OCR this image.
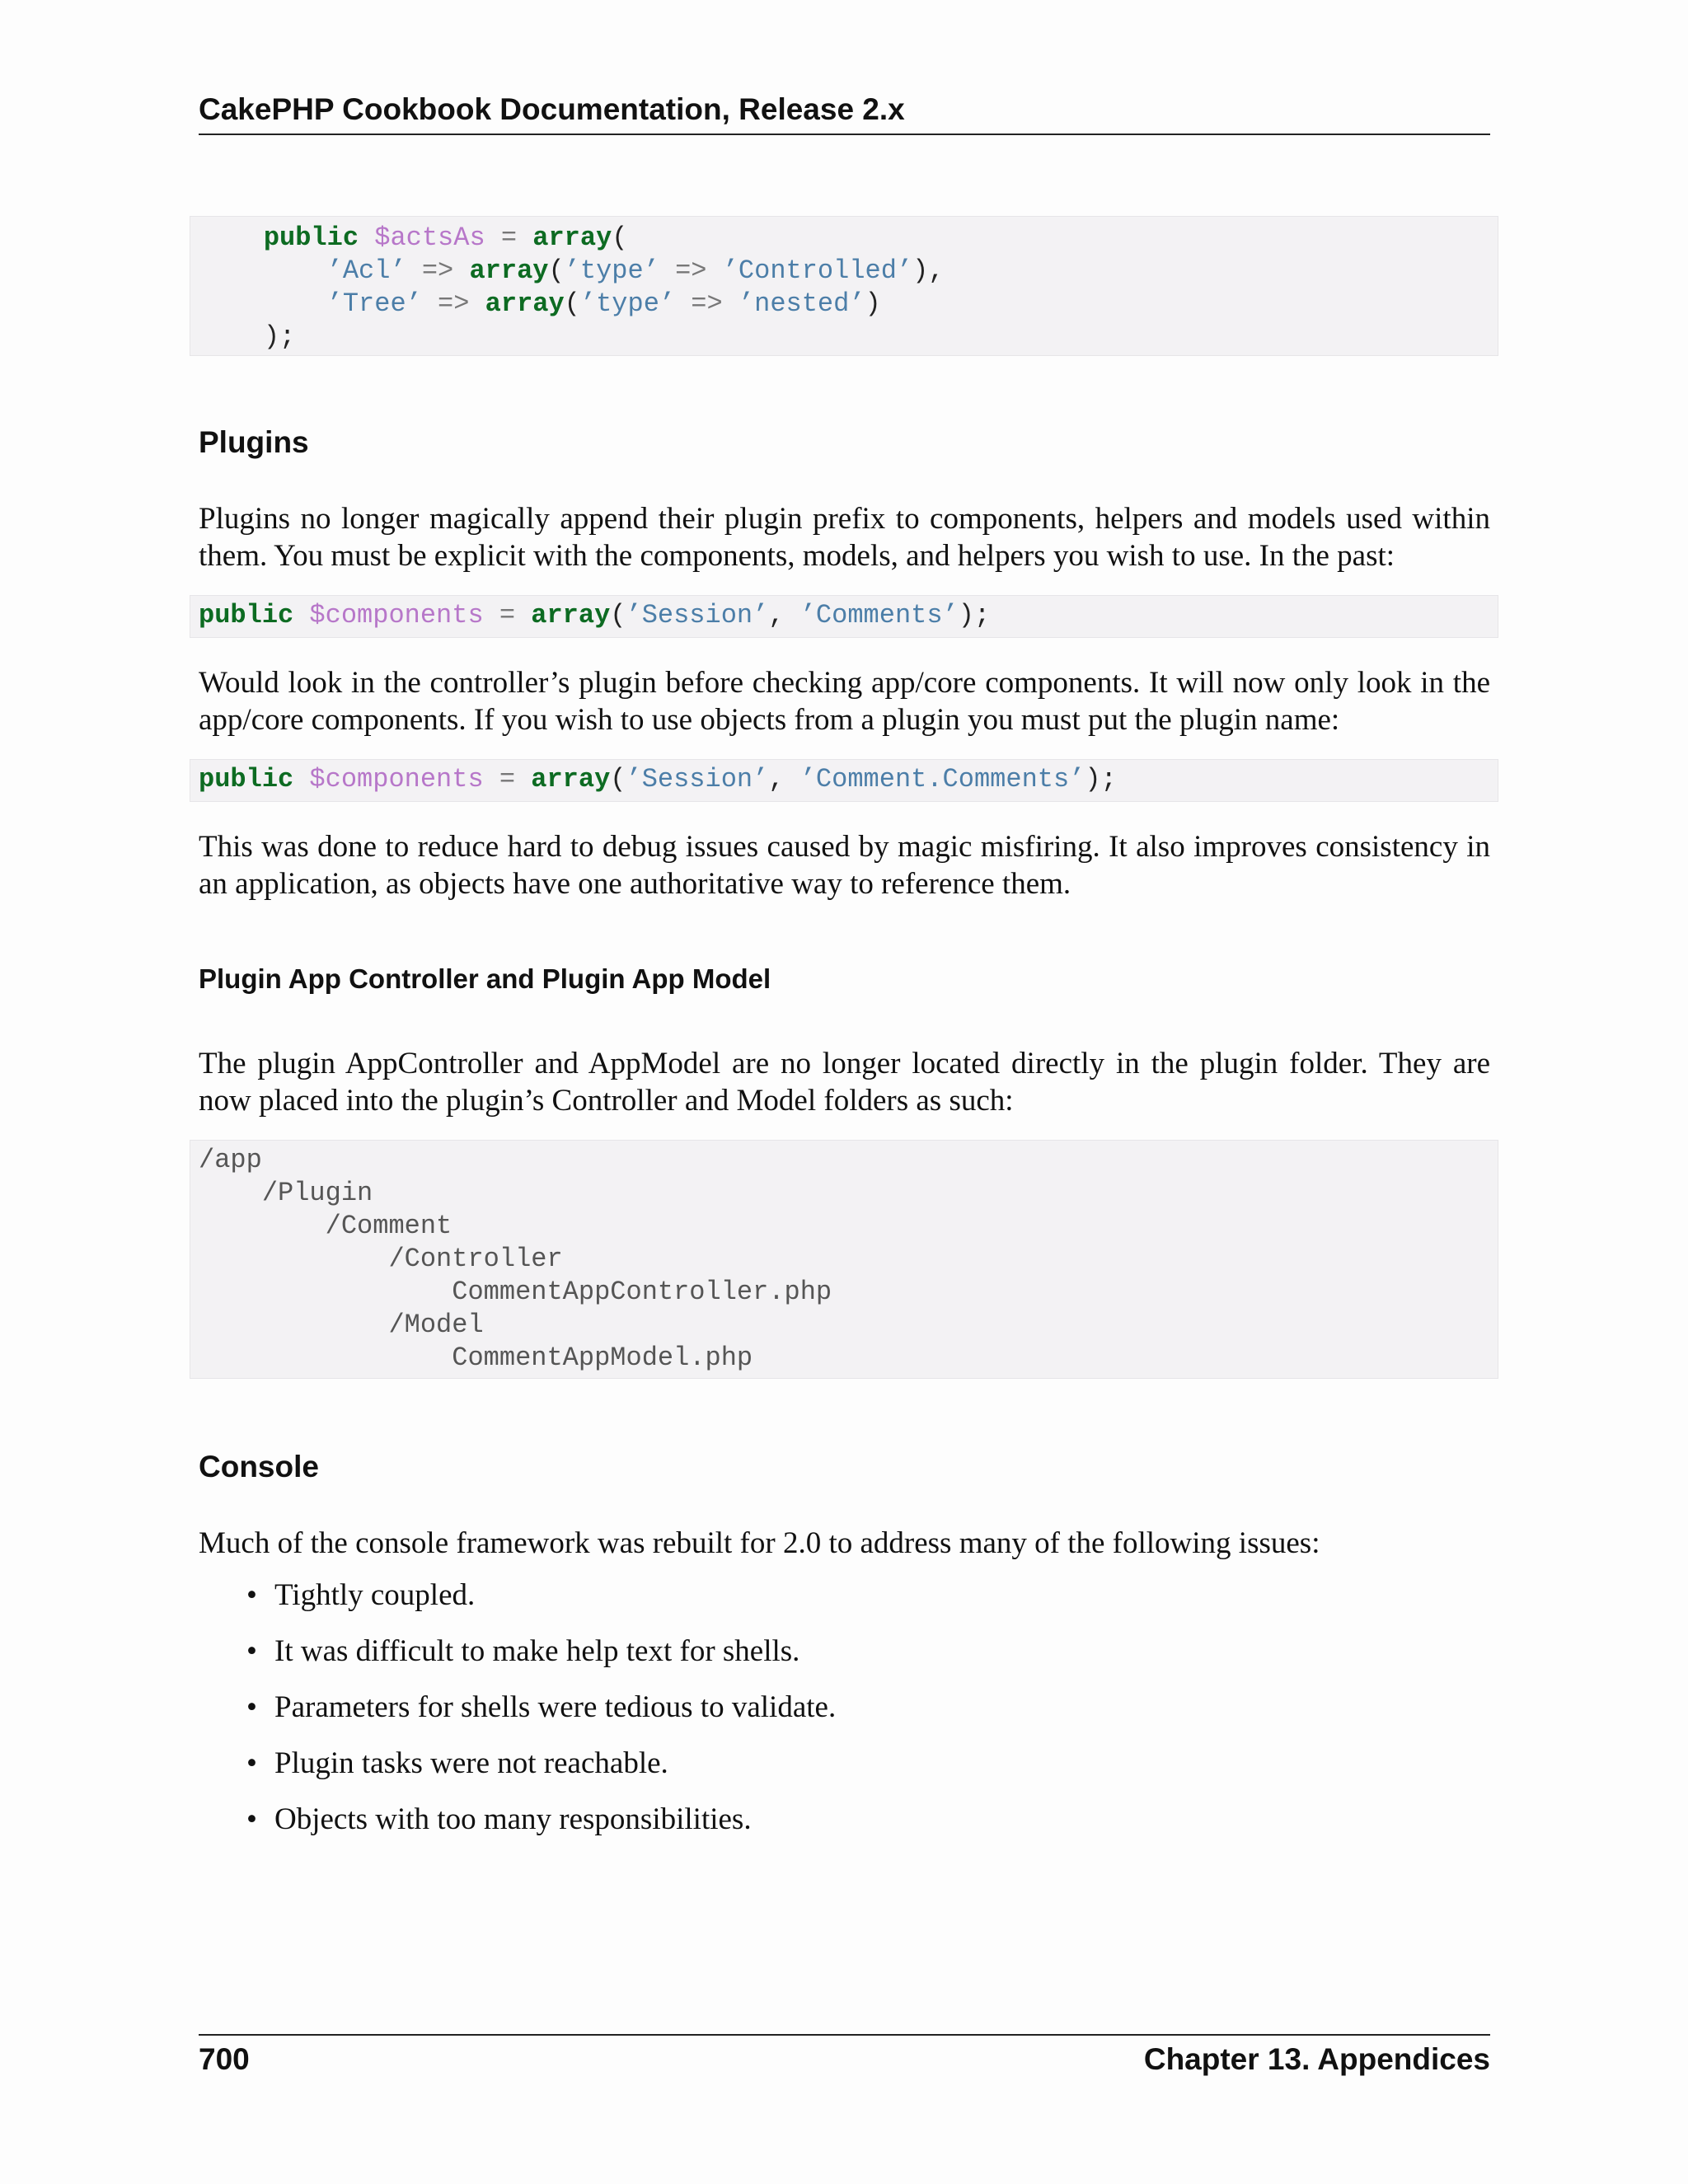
CakePHP Cookbook Documentation, Release 2.x

public $actsAs = array(
’Acl’ => array(’type’ => ’Controlled’),
’Tree’ => array(’type’ => ’nested’)
);

Plugins
Plugins no longer magically append their plugin prefix to components, helpers and models used within them. You must be explicit with the components, models, and helpers you wish to use. In the past:

public $components = array(’Session’, ’Comments’);

Would look in the controller’s plugin before checking app/core components. It will now only look in the app/core components. If you wish to use objects from a plugin you must put the plugin name:

public $components = array(’Session’, ’Comment.Comments’);

This was done to reduce hard to debug issues caused by magic misfiring. It also improves consistency in an application, as objects have one authoritative way to reference them.
Plugin App Controller and Plugin App Model
The plugin AppController and AppModel are no longer located directly in the plugin folder. They are now placed into the plugin’s Controller and Model folders as such:

/app
/Plugin
/Comment
/Controller
CommentAppController.php
/Model
CommentAppModel.php

Console
Much of the console framework was rebuilt for 2.0 to address many of the following issues:
• Tightly coupled.
• It was difficult to make help text for shells.
• Parameters for shells were tedious to validate.
• Plugin tasks were not reachable.
• Objects with too many responsibilities.
700	Chapter 13. Appendices
